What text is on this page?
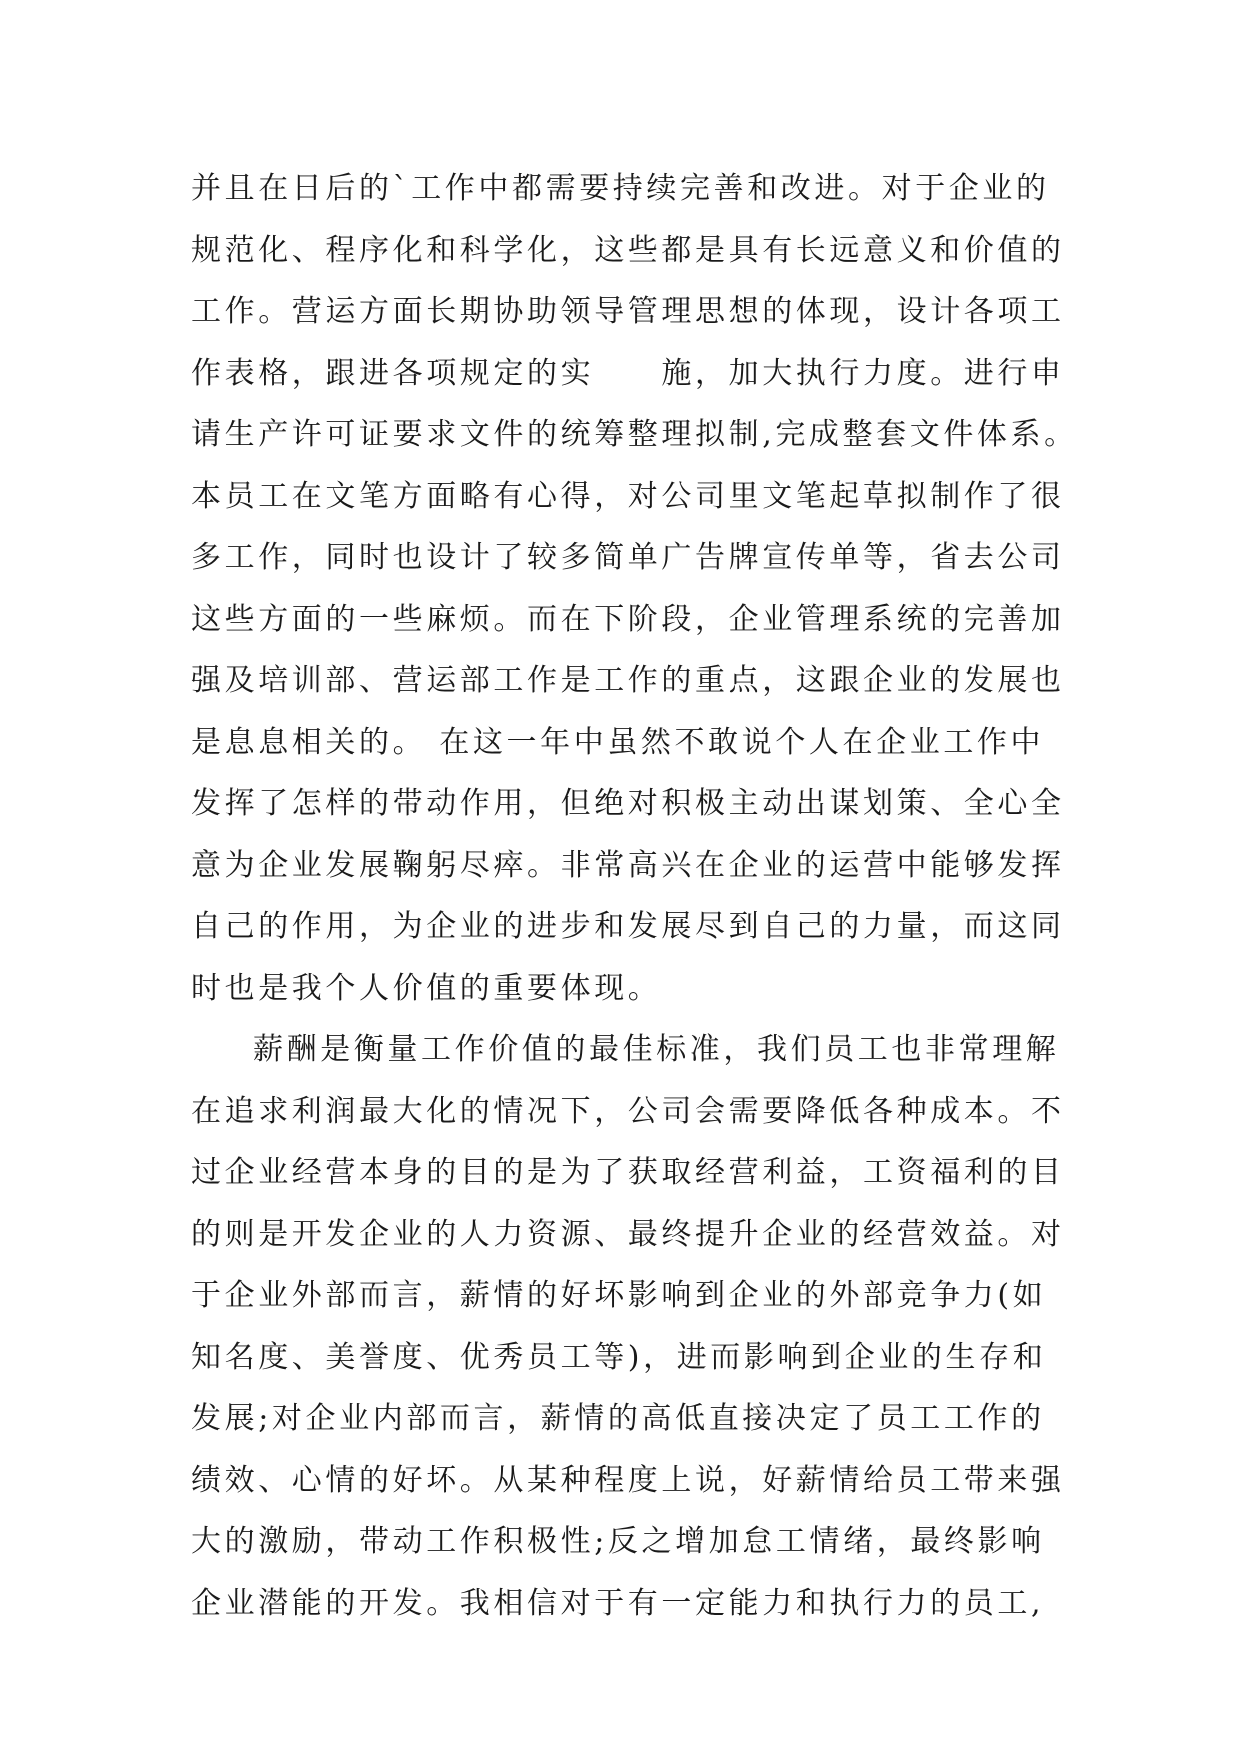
并且在日后的`工作中都需要持续完善和改进。对于企业的
规范化、程序化和科学化，这些都是具有长远意义和价值的
工作。营运方面长期协助领导管理思想的体现，设计各项工
作表格，跟进各项规定的实　　施，加大执行力度。进行申
请生产许可证要求文件的统筹整理拟制,完成整套文件体系。
本员工在文笔方面略有心得，对公司里文笔起草拟制作了很
多工作，同时也设计了较多简单广告牌宣传单等，省去公司
这些方面的一些麻烦。而在下阶段，企业管理系统的完善加
强及培训部、营运部工作是工作的重点，这跟企业的发展也
是息息相关的。 在这一年中虽然不敢说个人在企业工作中
发挥了怎样的带动作用，但绝对积极主动出谋划策、全心全
意为企业发展鞠躬尽瘁。非常高兴在企业的运营中能够发挥
自己的作用，为企业的进步和发展尽到自己的力量，而这同
时也是我个人价值的重要体现。
薪酬是衡量工作价值的最佳标准，我们员工也非常理解
在追求利润最大化的情况下，公司会需要降低各种成本。不
过企业经营本身的目的是为了获取经营利益，工资福利的目
的则是开发企业的人力资源、最终提升企业的经营效益。对
于企业外部而言，薪情的好坏影响到企业的外部竞争力(如
知名度、美誉度、优秀员工等)，进而影响到企业的生存和
发展;对企业内部而言，薪情的高低直接决定了员工工作的
绩效、心情的好坏。从某种程度上说，好薪情给员工带来强
大的激励，带动工作积极性;反之增加怠工情绪，最终影响
企业潜能的开发。我相信对于有一定能力和执行力的员工,
